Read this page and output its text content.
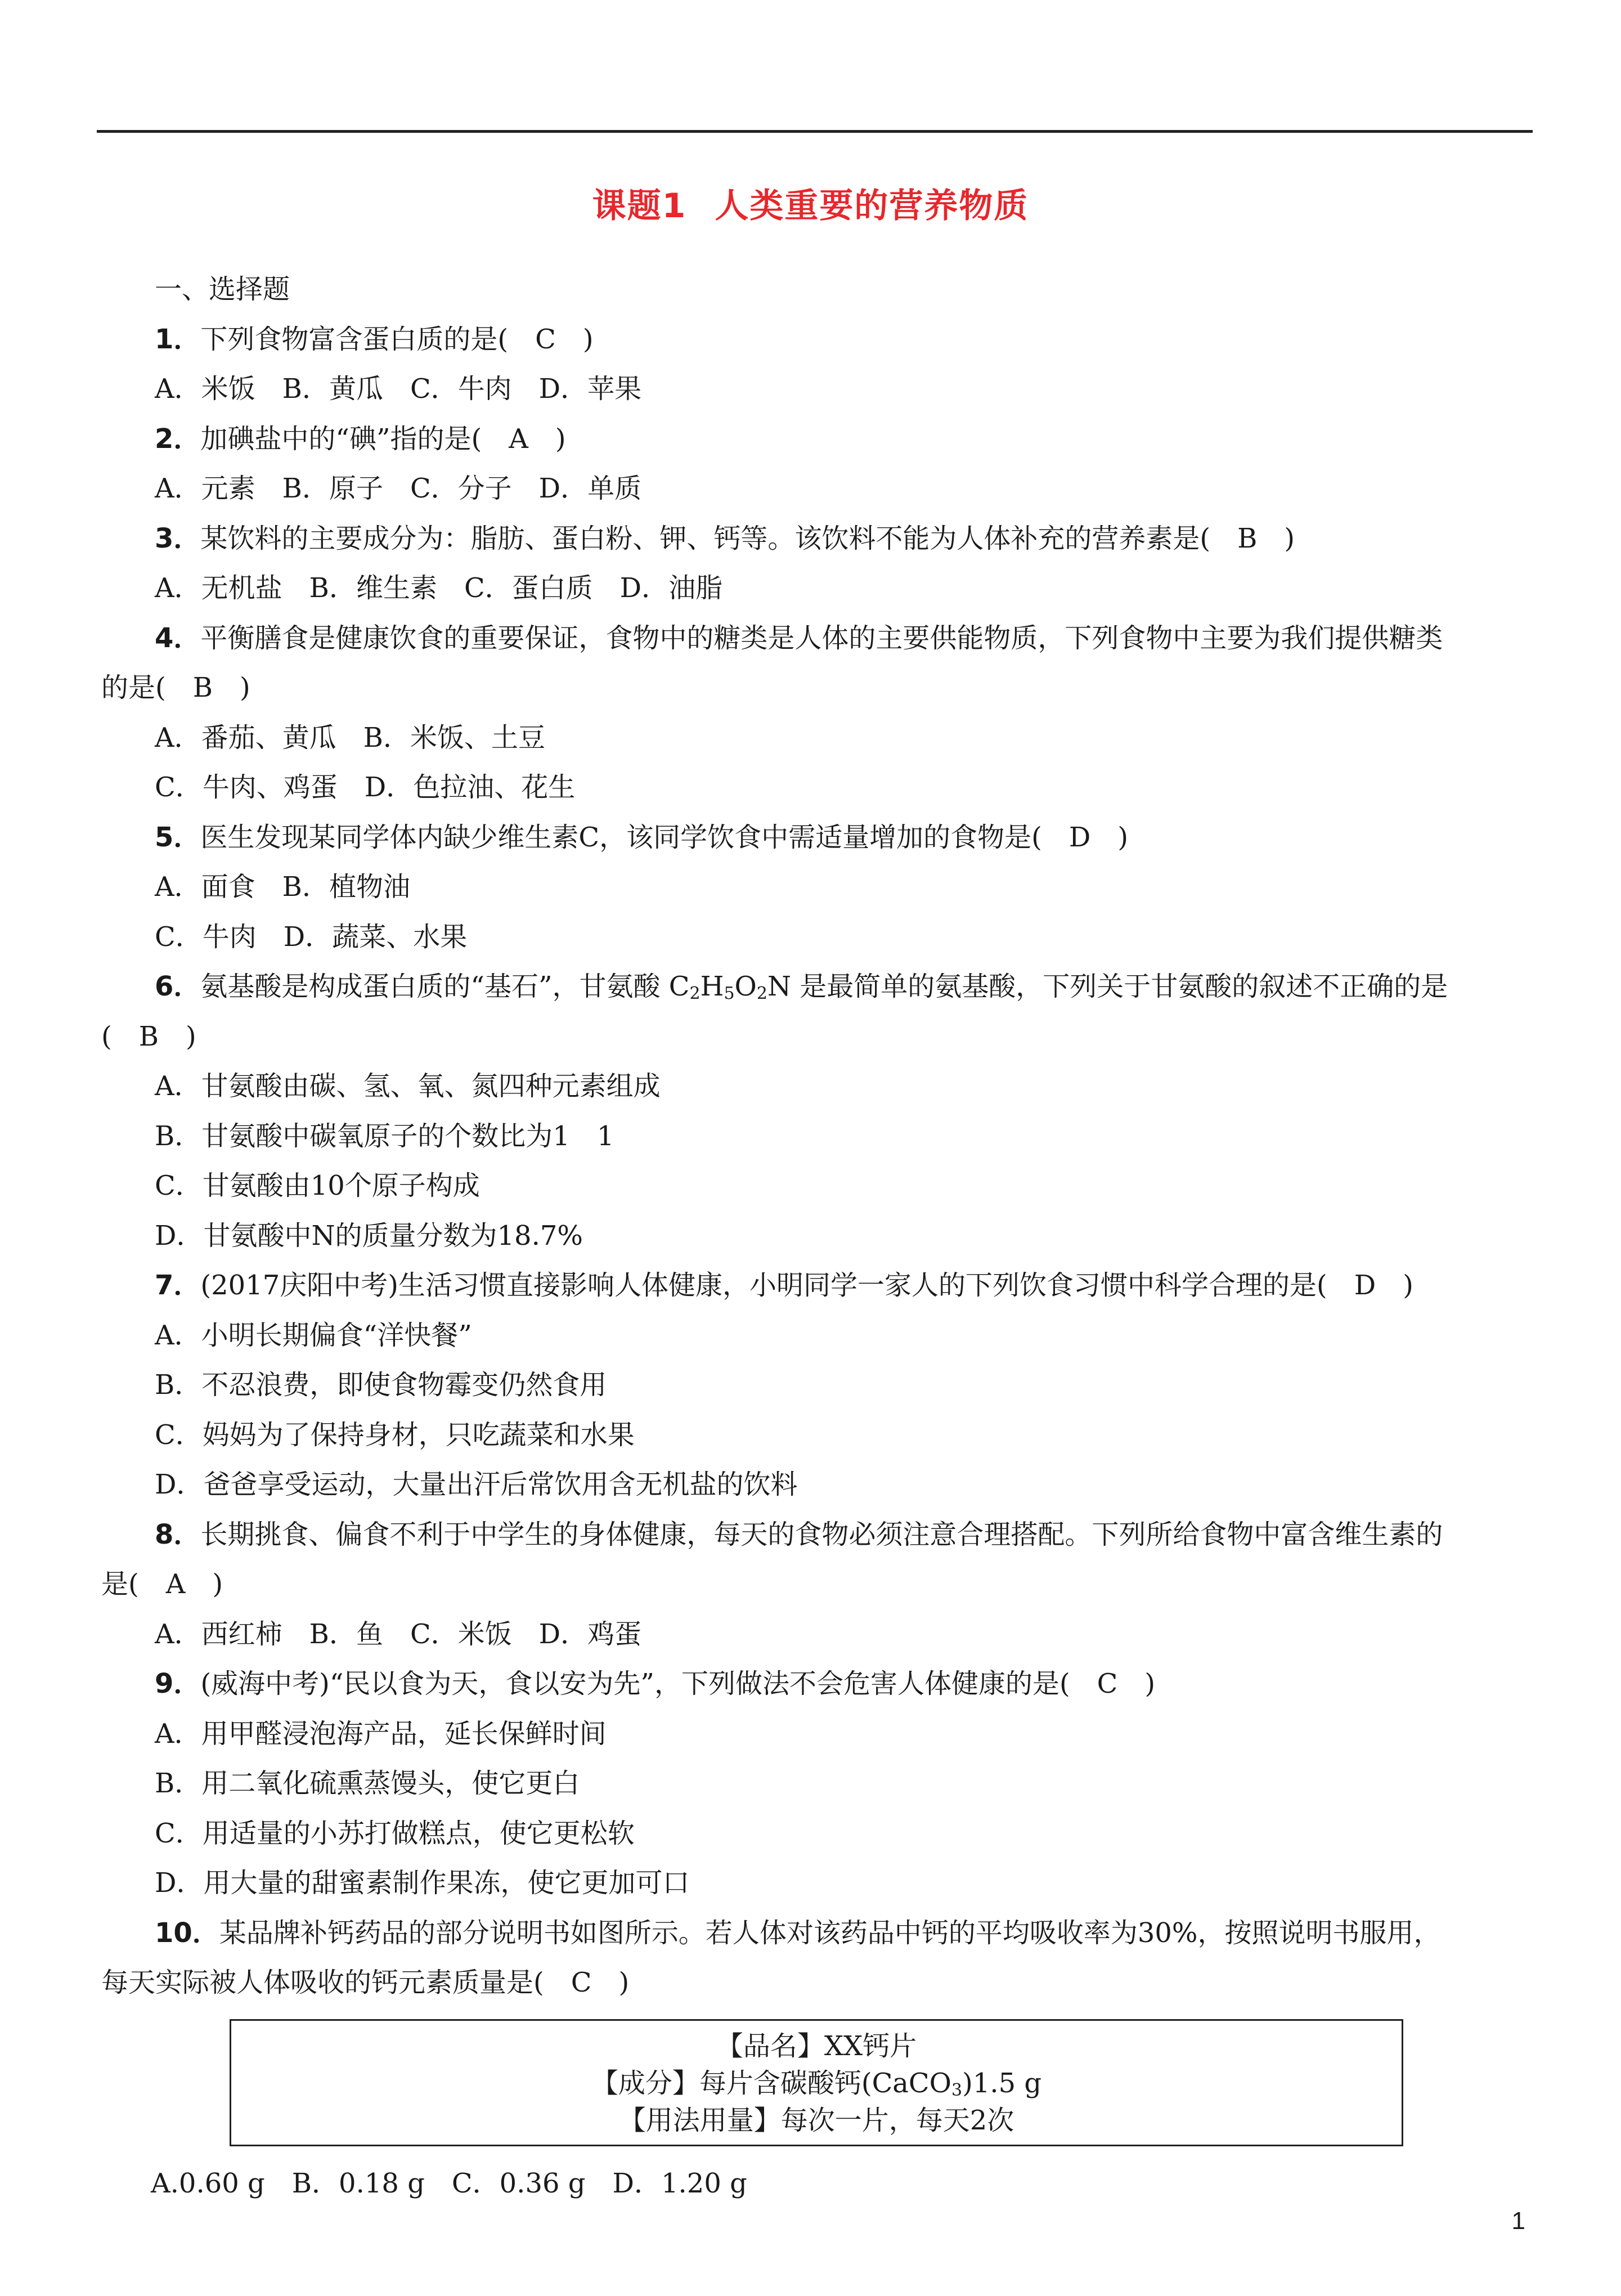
课题1 人类重要的营养物质
一、选择题
1．下列食物富含蛋白质的是(　C　)
A．米饭　B．黄瓜　C．牛肉　D．苹果
2．加碘盐中的“碘”指的是(　A　)
A．元素　B．原子　C．分子　D．单质
3．某饮料的主要成分为：脂肪、蛋白粉、钾、钙等。该饮料不能为人体补充的营养素是(　B　)
A．无机盐　B．维生素　C．蛋白质　D．油脂
4．平衡膳食是健康饮食的重要保证，食物中的糖类是人体的主要供能物质，下列食物中主要为我们提供糖类
的是(　B　)
A．番茄、黄瓜　B．米饭、土豆
C．牛肉、鸡蛋　D．色拉油、花生
5．医生发现某同学体内缺少维生素C，该同学饮食中需适量增加的食物是(　D　)
A．面食　B．植物油
C．牛肉　D．蔬菜、水果
6．氨基酸是构成蛋白质的“基石”，甘氨酸 $C_2H_5O_2N$ 是最简单的氨基酸，下列关于甘氨酸的叙述不正确的是
(　B　)
A．甘氨酸由碳、氢、氧、氮四种元素组成
B．甘氨酸中碳氧原子的个数比为1　1
C．甘氨酸由10个原子构成
D．甘氨酸中N的质量分数为18.7%
7．(2017庆阳中考)生活习惯直接影响人体健康，小明同学一家人的下列饮食习惯中科学合理的是(　D　)
A．小明长期偏食“洋快餐”
B．不忍浪费，即使食物霉变仍然食用
C．妈妈为了保持身材，只吃蔬菜和水果
D．爸爸享受运动，大量出汗后常饮用含无机盐的饮料
8．长期挑食、偏食不利于中学生的身体健康，每天的食物必须注意合理搭配。下列所给食物中富含维生素的
是(　A　)
A．西红柿　B．鱼　C．米饭　D．鸡蛋
9．(威海中考)“民以食为天，食以安为先”，下列做法不会危害人体健康的是(　C　)
A．用甲醛浸泡海产品，延长保鲜时间
B．用二氧化硫熏蒸馒头，使它更白
C．用适量的小苏打做糕点，使它更松软
D．用大量的甜蜜素制作果冻，使它更加可口
10．某品牌补钙药品的部分说明书如图所示。若人体对该药品中钙的平均吸收率为30%，按照说明书服用，
每天实际被人体吸收的钙元素质量是(　C　)
【品名】XX钙片
【成分】每片含碳酸钙(CaCO$_3$)1.5 g
【用法用量】每次一片，每天2次
A.0.60 g　B．0.18 g　C．0.36 g　D．1.20 g
1
